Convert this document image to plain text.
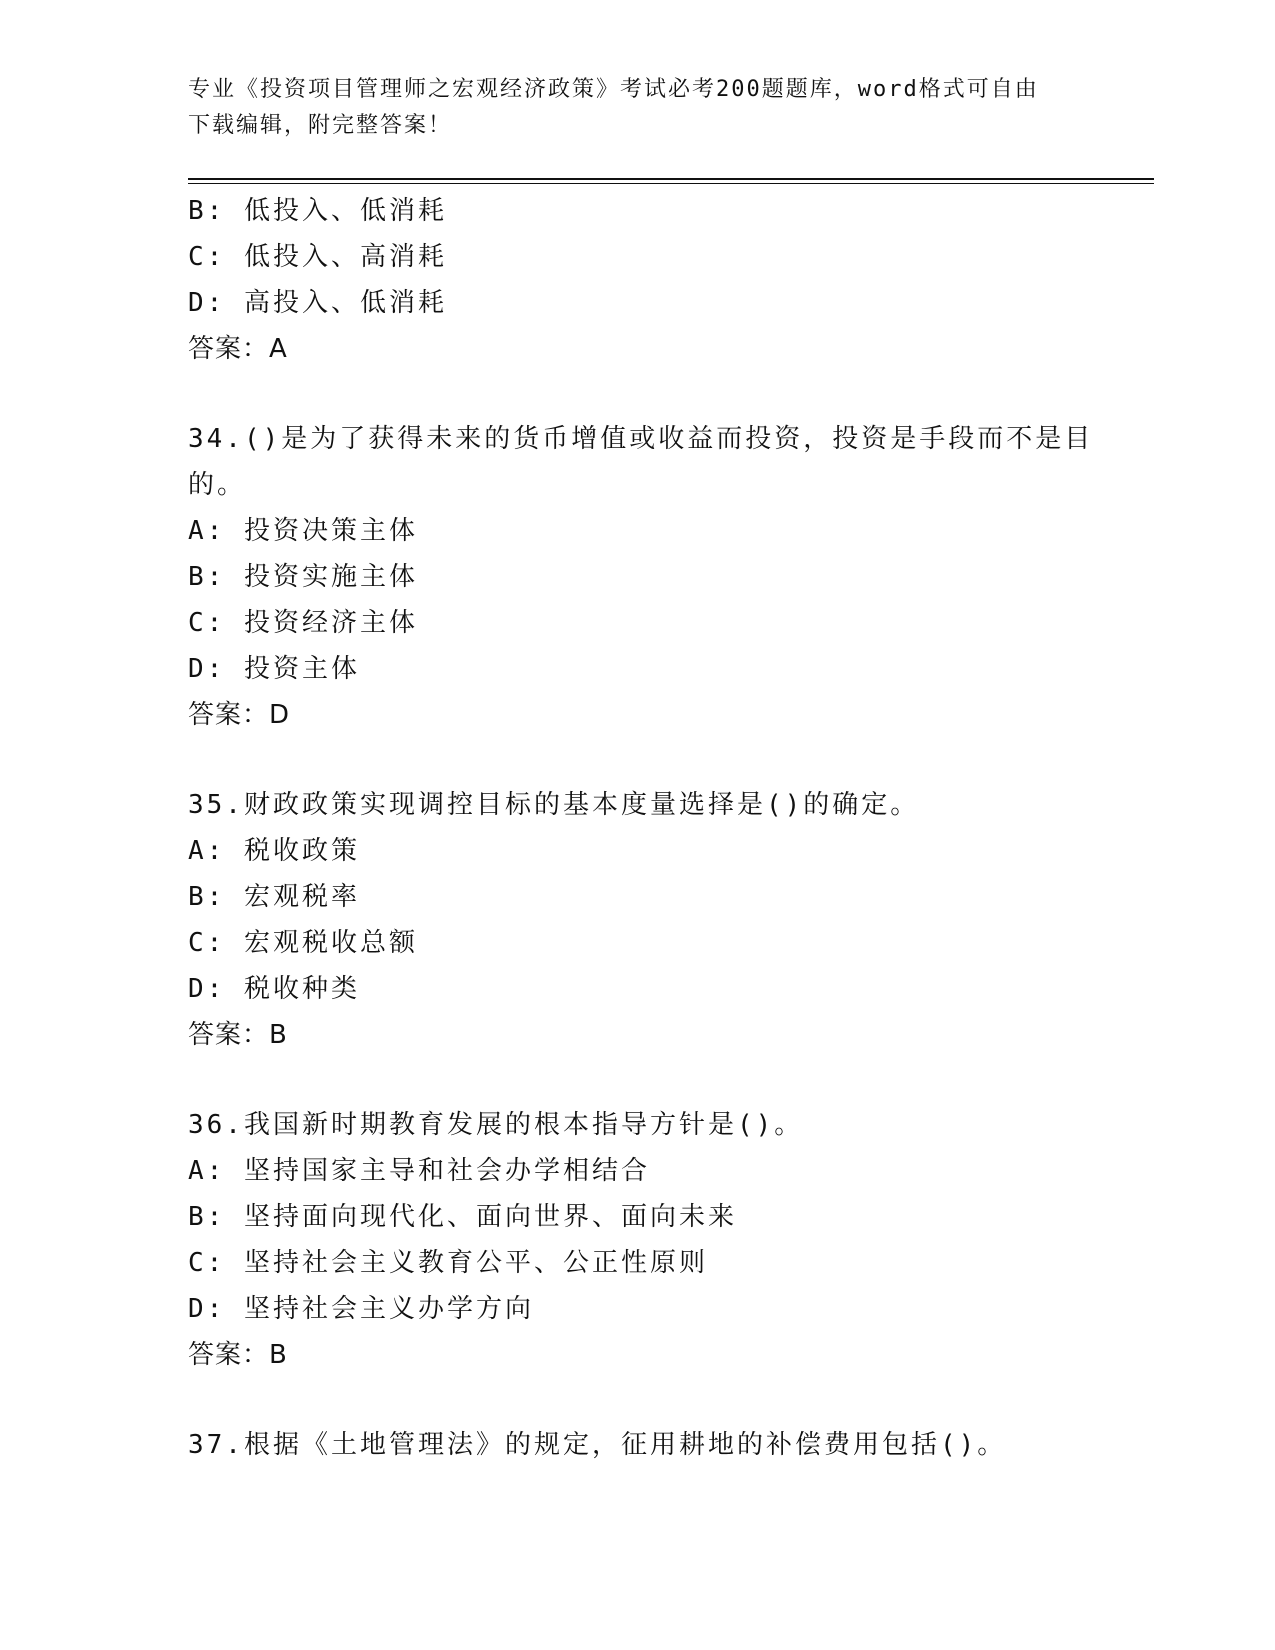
专业《投资项目管理师之宏观经济政策》考试必考200题题库，word格式可自由
下载编辑，附完整答案！
B: 低投入、低消耗
C: 低投入、高消耗
D: 高投入、低消耗
答案：A
34.()是为了获得未来的货币增值或收益而投资，投资是手段而不是目
的。
A: 投资决策主体
B: 投资实施主体
C: 投资经济主体
D: 投资主体
答案：D
35.财政政策实现调控目标的基本度量选择是()的确定。
A: 税收政策
B: 宏观税率
C: 宏观税收总额
D: 税收种类
答案：B
36.我国新时期教育发展的根本指导方针是()。
A: 坚持国家主导和社会办学相结合
B: 坚持面向现代化、面向世界、面向未来
C: 坚持社会主义教育公平、公正性原则
D: 坚持社会主义办学方向
答案：B
37.根据《土地管理法》的规定，征用耕地的补偿费用包括()。
